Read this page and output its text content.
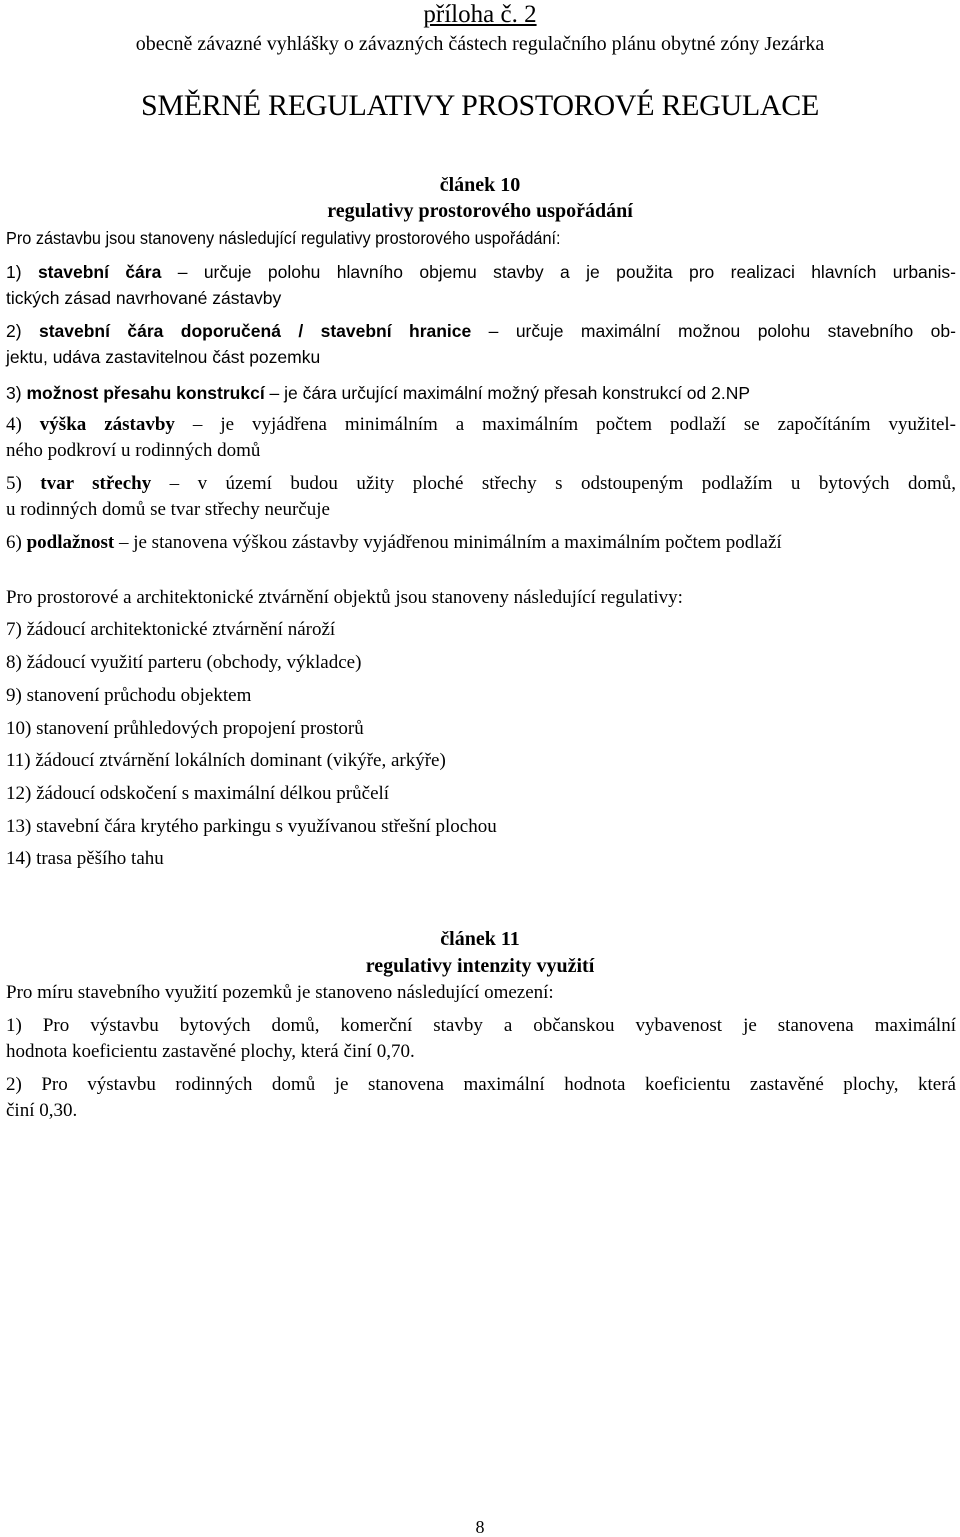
příloha č. 2
obecně závazné vyhlášky o závazných částech regulačního plánu obytné zóny Jezárka
SMĚRNÉ REGULATIVY PROSTOROVÉ REGULACE
článek 10
regulativy prostorového uspořádání
Pro zástavbu jsou stanoveny následující regulativy prostorového uspořádání:
1) stavební čára – určuje polohu hlavního objemu stavby a je použita pro realizaci hlavních urbanis-
tických zásad navrhované zástavby
2) stavební čára doporučená / stavební hranice – určuje maximální možnou polohu stavebního ob-
jektu, udáva zastavitelnou část pozemku
3) možnost přesahu konstrukcí – je čára určující maximální možný přesah konstrukcí od 2.NP
4) výška zástavby – je vyjádřena minimálním a maximálním počtem podlaží se započítáním využitel-
ného podkroví u rodinných domů
5) tvar střechy – v území budou užity ploché střechy s odstoupeným podlažím u bytových domů,
u rodinných domů se tvar střechy neurčuje
6) podlažnost – je stanovena výškou zástavby vyjádřenou minimálním a maximálním počtem podlaží
Pro prostorové a architektonické ztvárnění objektů jsou stanoveny následující regulativy:
7) žádoucí architektonické ztvárnění nároží
8) žádoucí využití parteru (obchody, výkladce)
9) stanovení průchodu objektem
10) stanovení průhledových propojení prostorů
11) žádoucí ztvárnění lokálních dominant (vikýře, arkýře)
12) žádoucí odskočení s maximální délkou průčelí
13) stavební čára krytého parkingu s využívanou střešní plochou
14) trasa pěšího tahu
článek 11
regulativy intenzity využití
Pro míru stavebního využití pozemků je stanoveno následující omezení:
1) Pro výstavbu bytových domů, komerční stavby a občanskou vybavenost je stanovena maximální
hodnota koeficientu zastavěné plochy, která činí 0,70.
2) Pro výstavbu rodinných domů je stanovena maximální hodnota koeficientu zastavěné plochy, která
činí 0,30.
8
